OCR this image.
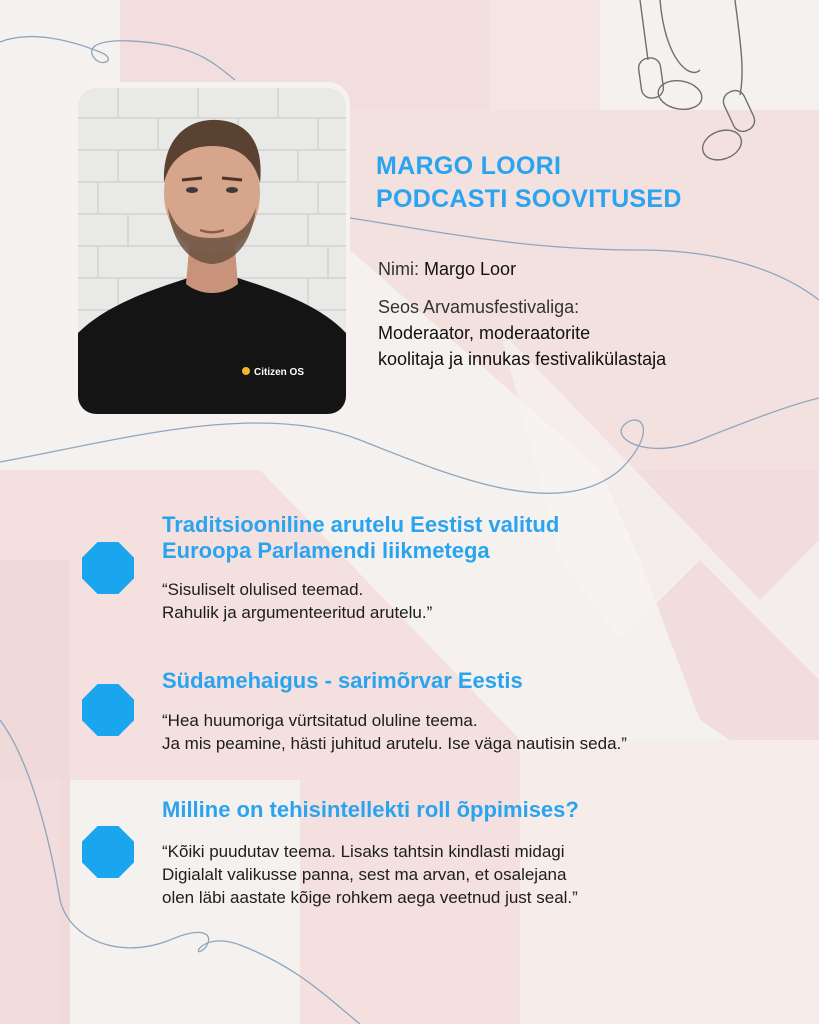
Citizen OS
MARGO LOORI
PODCASTI SOOVITUSED
Nimi: Margo Loor
Seos Arvamusfestivaliga:
Moderaator, moderaatorite
koolitaja ja innukas festivalikülastaja
Traditsiooniline arutelu Eestist valitud
Euroopa Parlamendi liikmetega

“Sisuliselt olulised teemad.
Rahulik ja argumenteeritud arutelu.”

Südamehaigus - sarimõrvar Eestis

“Hea huumoriga vürtsitatud oluline teema.
Ja mis peamine, hästi juhitud arutelu. Ise väga nautisin seda.”

Milline on tehisintellekti roll õppimises?

“Kõiki puudutav teema. Lisaks tahtsin kindlasti midagi
Digialalt valikusse panna, sest ma arvan, et osalejana
olen läbi aastate kõige rohkem aega veetnud just seal.”
